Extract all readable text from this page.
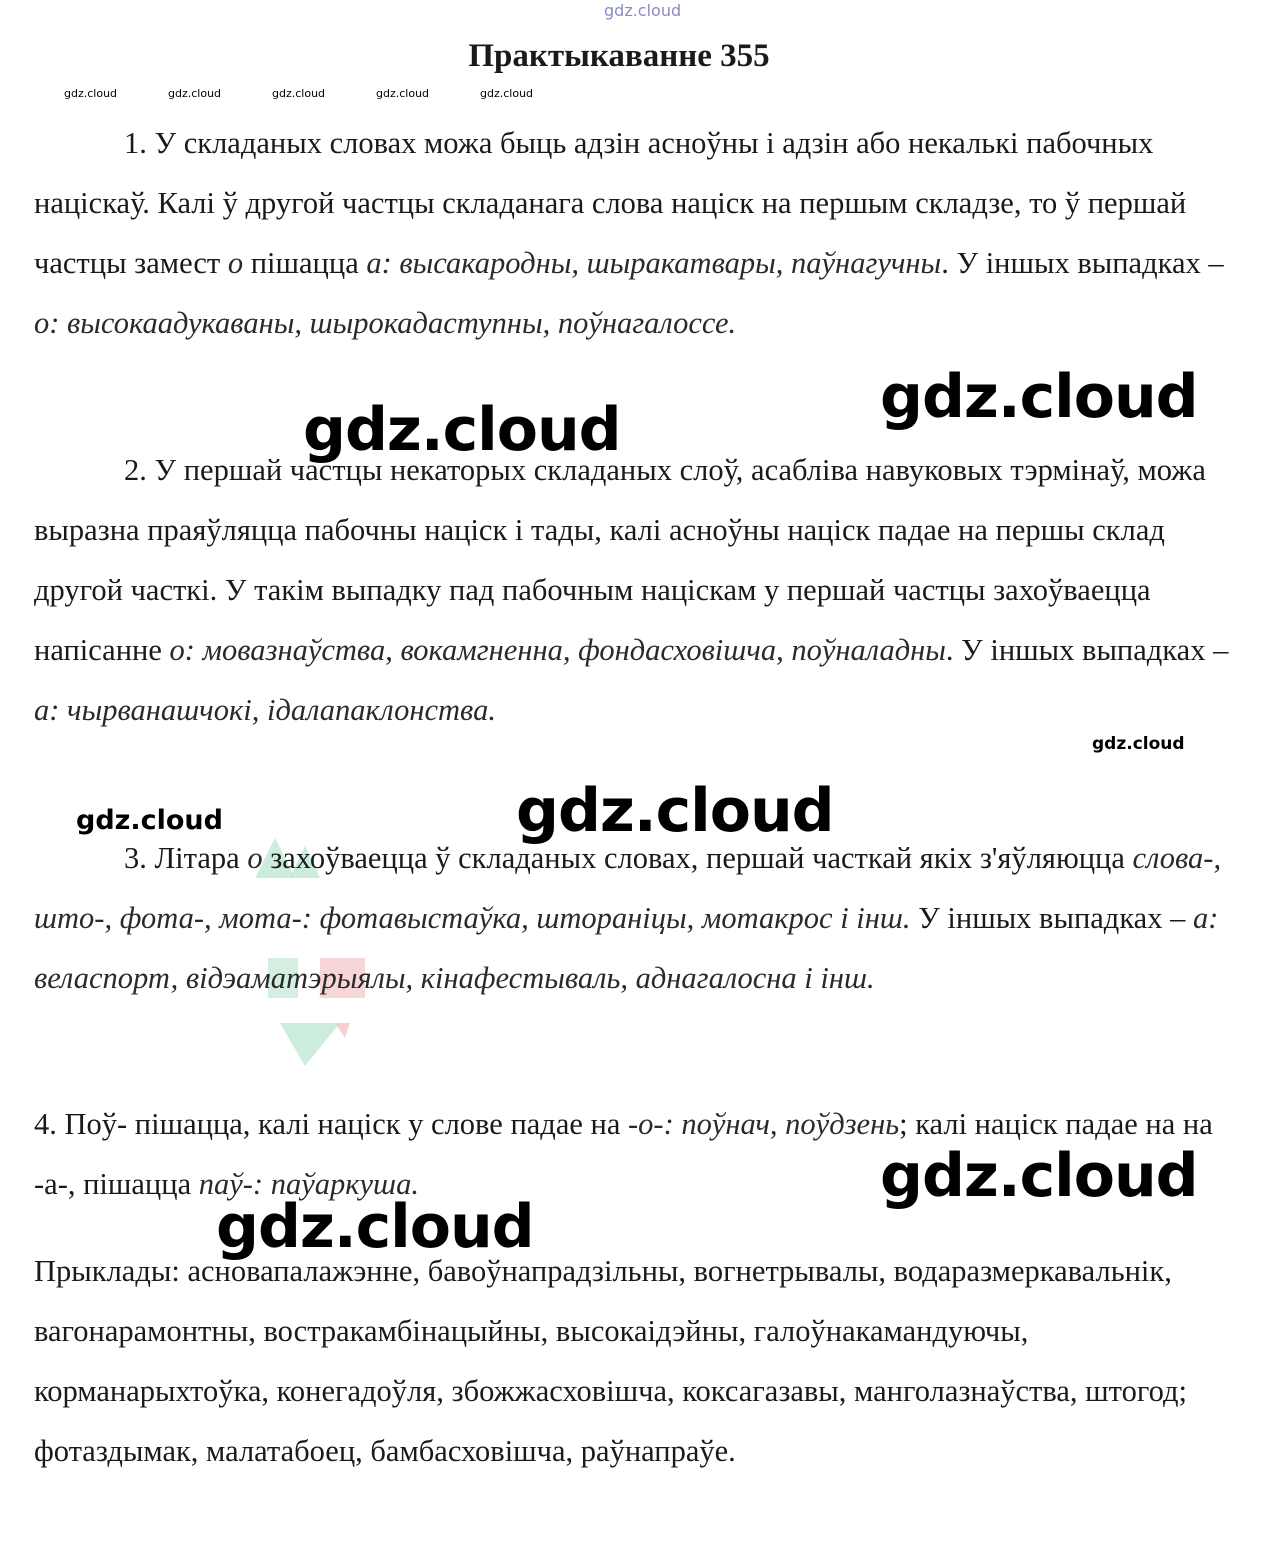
gdz.cloud
gdz.cloud	gdz.cloud	gdz.cloud	gdz.cloud	gdz.cloud
Практыкаванне 355

1. У складаных словах можа быць адзін асноўны і адзін або некалькі пабочных націскаў. Калі ў другой частцы складанага слова націск на першым складзе, то ў першай частцы замест о пішацца а: высакародны, шыракатвары, паўнагучны. У іншых выпадках – о: высокаадукаваны, шырокадаступны, поўнагалоссе.

2. У першай частцы некаторых складаных слоў, асабліва навуковых тэрмінаў, можа выразна праяўляцца пабочны націск і тады, калі асноўны націск падае на першы склад другой часткі. У такім выпадку пад пабочным націскам у першай частцы захоўваецца напісанне о: мовазнаўства, вокамгненна, фондасховішча, поўналадны. У іншых выпадках – а: чырванашчокі, ідалапаклонства.

3. Літара о захоўваецца ў складаных словах, першай часткай якіх з'яўляюцца слова-, што-, фота-, мота-: фотавыстаўка, штораніцы, мотакрос і інш. У іншых выпадках – а: веласпорт, відэаматэрыялы, кінафестываль, аднагалосна і інш.

4. Поў- пішацца, калі націск у слове падае на -о-: поўнач, поўдзень; калі націск падае на на -а-, пішацца паў-: паўаркуша.

Прыклады: асновапалажэнне, бавоўнапрадзільны, вогнетрывалы, водаразмеркавальнік, вагонарамонтны, востракамбінацыйны, высокаідэйны, галоўнакамандуючы, корманарыхтоўка, конегадоўля, збожжасховішча, коксагазавы, манголазнаўства, штогод; фотаздымак, малатабоец, бамбасховішча, раўнапраўе.

gdz.cloud
gdz.cloud
gdz.cloud
gdz.cloud
gdz.cloud
gdz.cloud
gdz.cloud
